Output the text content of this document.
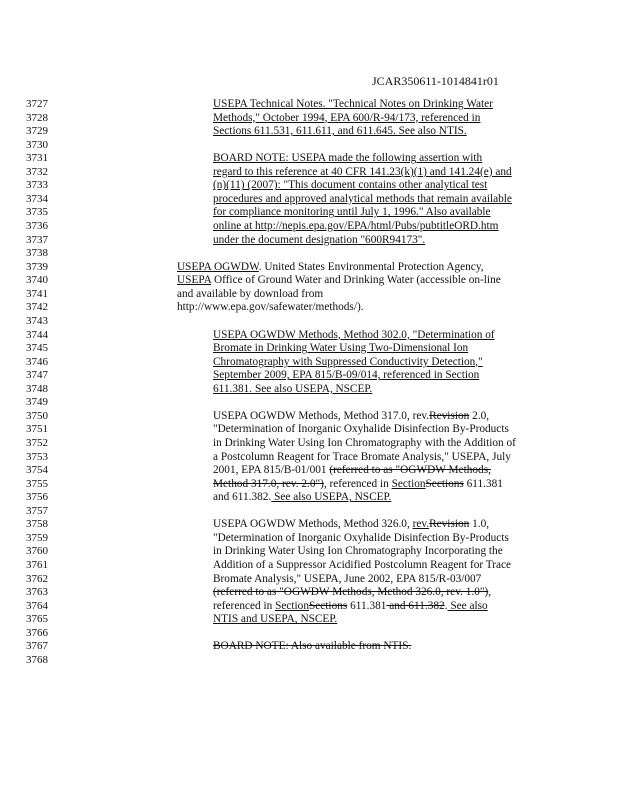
JCAR350611-1014841r01
3727	USEPA Technical Notes. "Technical Notes on Drinking Water
3728	Methods," October 1994, EPA 600/R-94/173, referenced in
3729	Sections 611.531, 611.611, and 611.645. See also NTIS.
3730
3731	BOARD NOTE: USEPA made the following assertion with
3732	regard to this reference at 40 CFR 141.23(k)(1) and 141.24(e) and
3733	(n)(11) (2007): "This document contains other analytical test
3734	procedures and approved analytical methods that remain available
3735	for compliance monitoring until July 1, 1996." Also available
3736	online at http://nepis.epa.gov/EPA/html/Pubs/pubtitleORD.htm
3737	under the document designation "600R94173".
3738
3739	USEPA OGWDW. United States Environmental Protection Agency,
3740	USEPA Office of Ground Water and Drinking Water (accessible on-line
3741	and available by download from
3742	http://www.epa.gov/safewater/methods/).
3743
3744	USEPA OGWDW Methods, Method 302.0, "Determination of
3745	Bromate in Drinking Water Using Two-Dimensional Ion
3746	Chromatography with Suppressed Conductivity Detection,"
3747	September 2009, EPA 815/B-09/014, referenced in Section
3748	611.381. See also USEPA, NSCEP.
3749
3750	USEPA OGWDW Methods, Method 317.0, rev.Revision 2.0,
3751	"Determination of Inorganic Oxyhalide Disinfection By-Products
3752	in Drinking Water Using Ion Chromatography with the Addition of
3753	a Postcolumn Reagent for Trace Bromate Analysis," USEPA, July
3754	2001, EPA 815/B-01/001 (referred to as "OGWDW Methods,
3755	Method 317.0, rev. 2.0"), referenced in SectionSections 611.381
3756	and 611.382. See also USEPA, NSCEP.
3757
3758	USEPA OGWDW Methods, Method 326.0, rev.Revision 1.0,
3759	"Determination of Inorganic Oxyhalide Disinfection By-Products
3760	in Drinking Water Using Ion Chromatography Incorporating the
3761	Addition of a Suppressor Acidified Postcolumn Reagent for Trace
3762	Bromate Analysis," USEPA, June 2002, EPA 815/R-03/007
3763	(referred to as "OGWDW Methods, Method 326.0, rev. 1.0"),
3764	referenced in SectionSections 611.381 and 611.382. See also
3765	NTIS and USEPA, NSCEP.
3766
3767	BOARD NOTE: Also available from NTIS.
3768
